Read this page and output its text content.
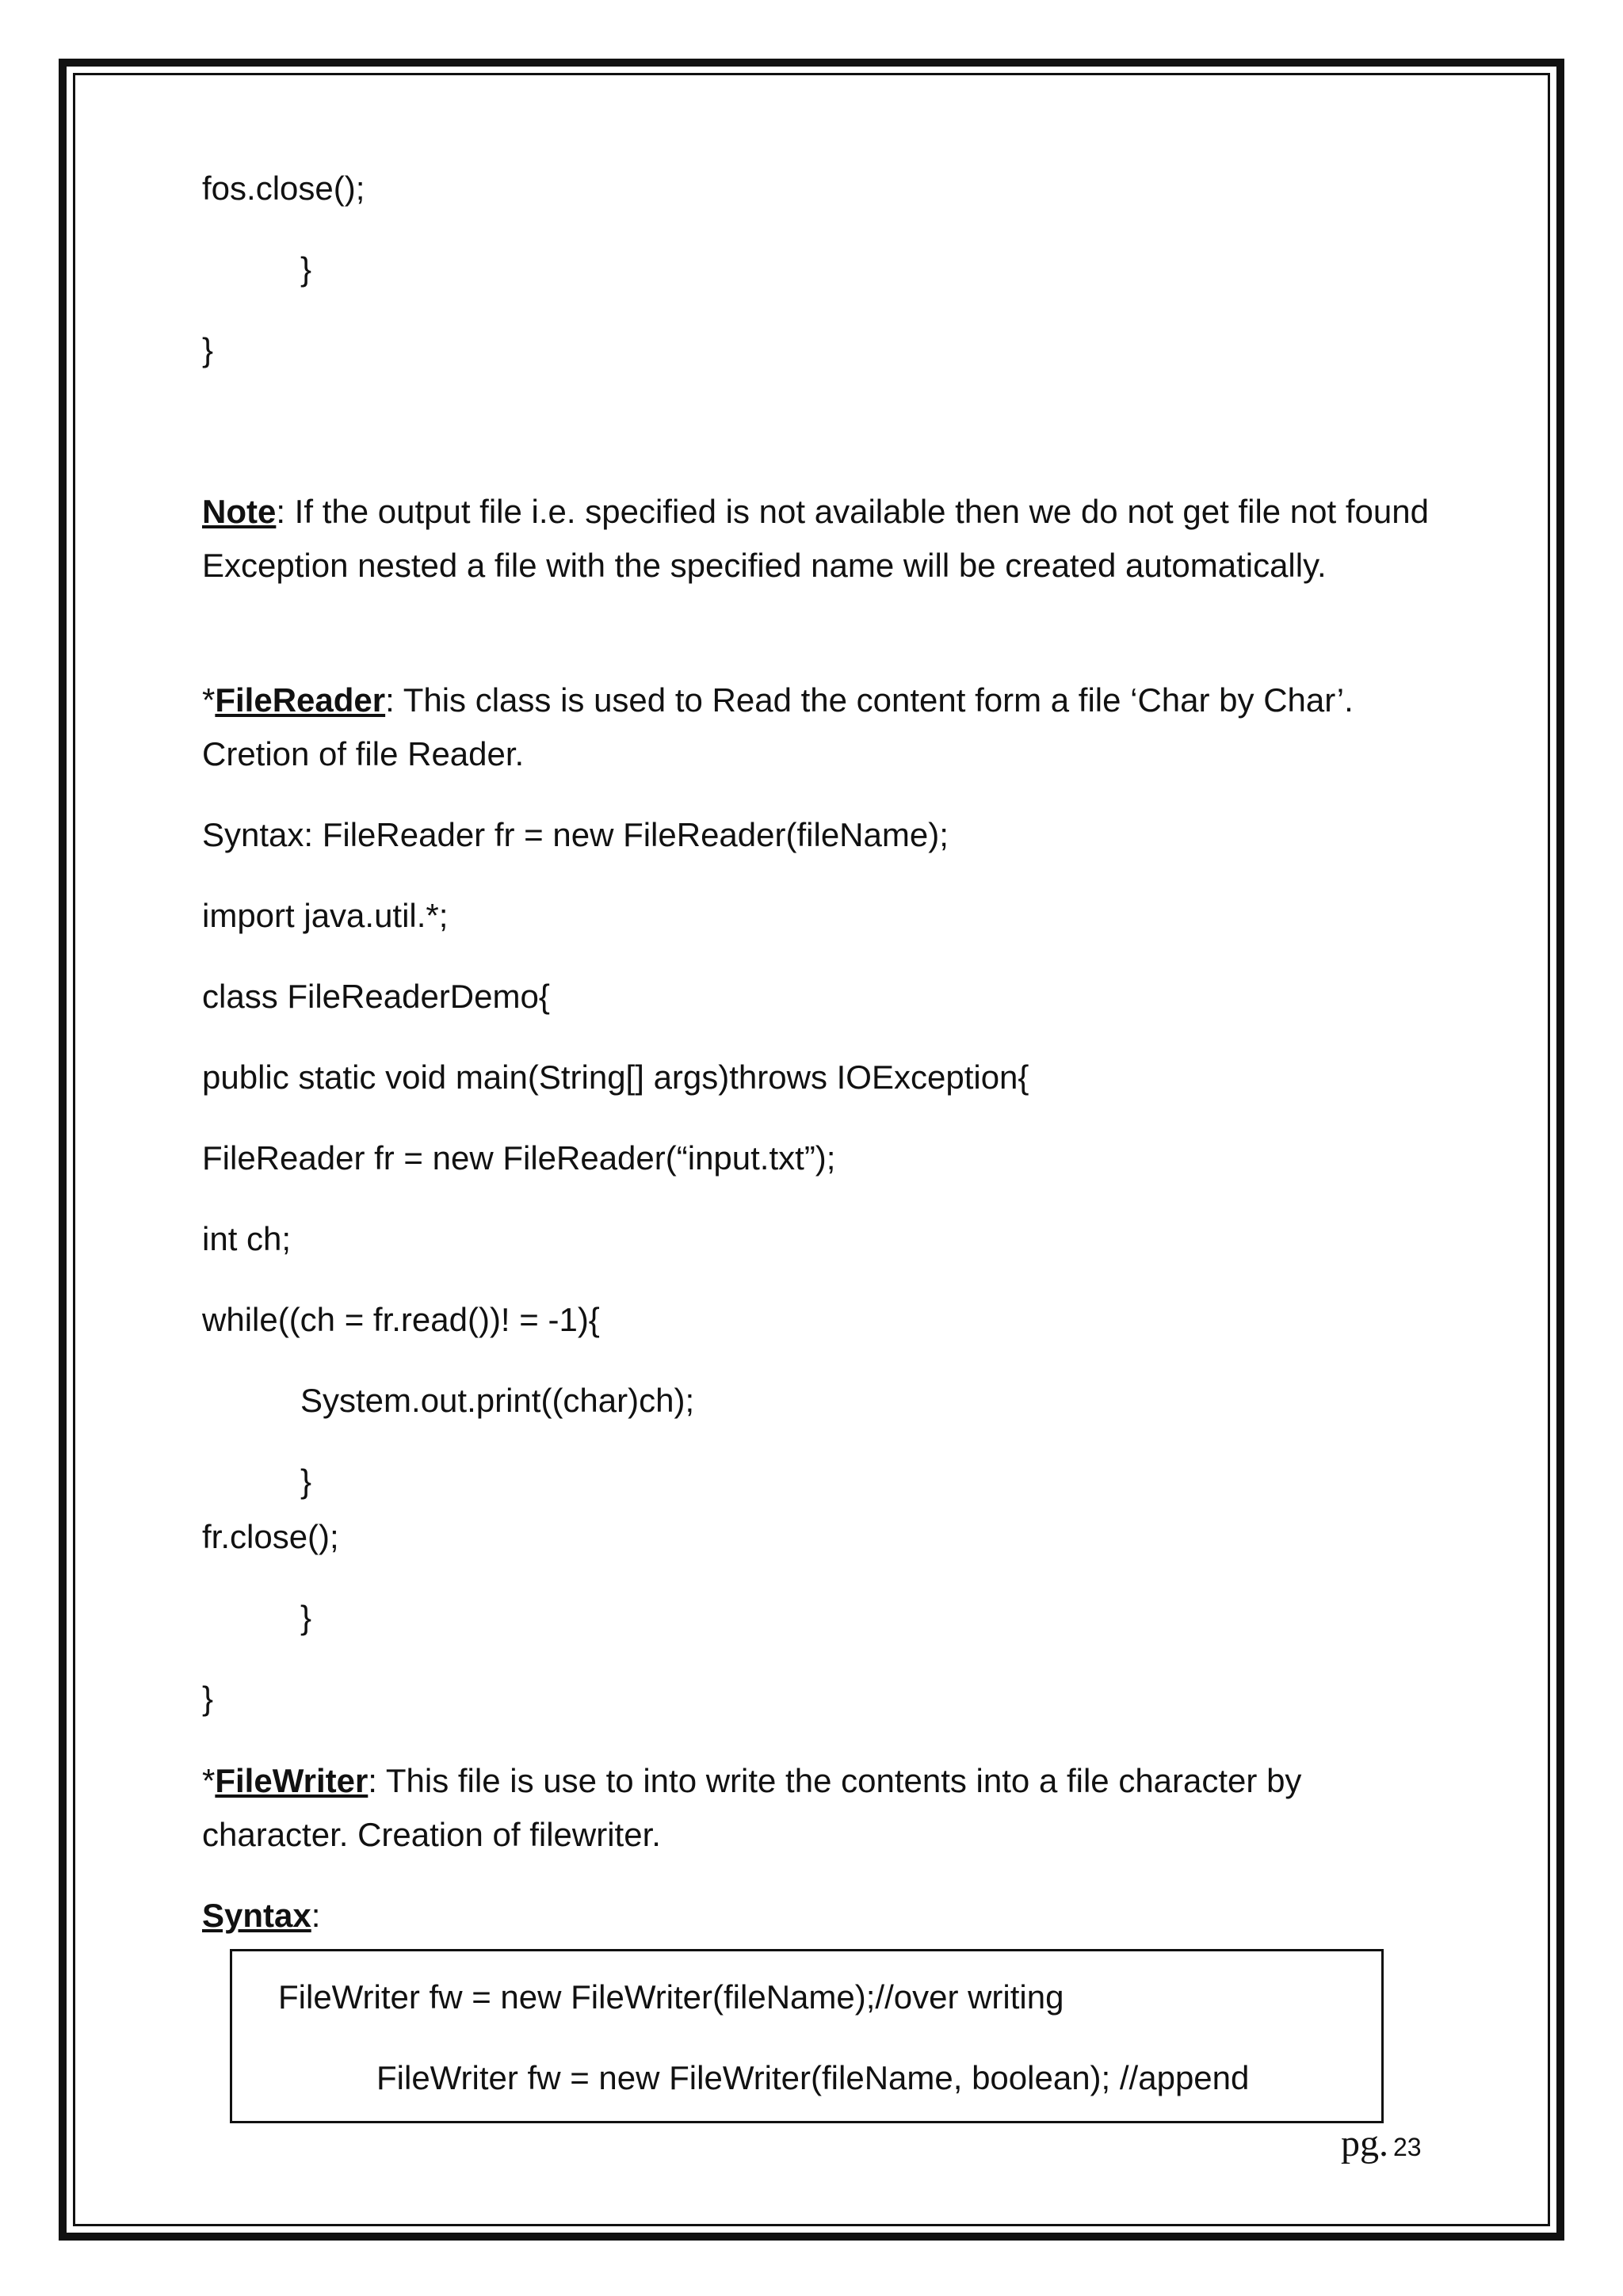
fos.close();
}
}
Note: If the output file i.e. specified is not available then we do not get file not found Exception nested a file with the specified name will be created automatically.
*FileReader: This class is used to Read the content form a file ‘Char by Char’. Cretion of file Reader.
Syntax: FileReader fr = new FileReader(fileName);
import java.util.*;
class FileReaderDemo{
public static void main(String[] args)throws IOException{
FileReader fr = new FileReader(“input.txt”);
int ch;
while((ch = fr.read())! = -1){
System.out.print((char)ch);
}
fr.close();
}
}
*FileWriter: This file is use to into write the contents into a file character by character. Creation of filewriter.
Syntax:
FileWriter fw = new FileWriter(fileName);//over writing
FileWriter fw = new FileWriter(fileName, boolean); //append
pg. 23
